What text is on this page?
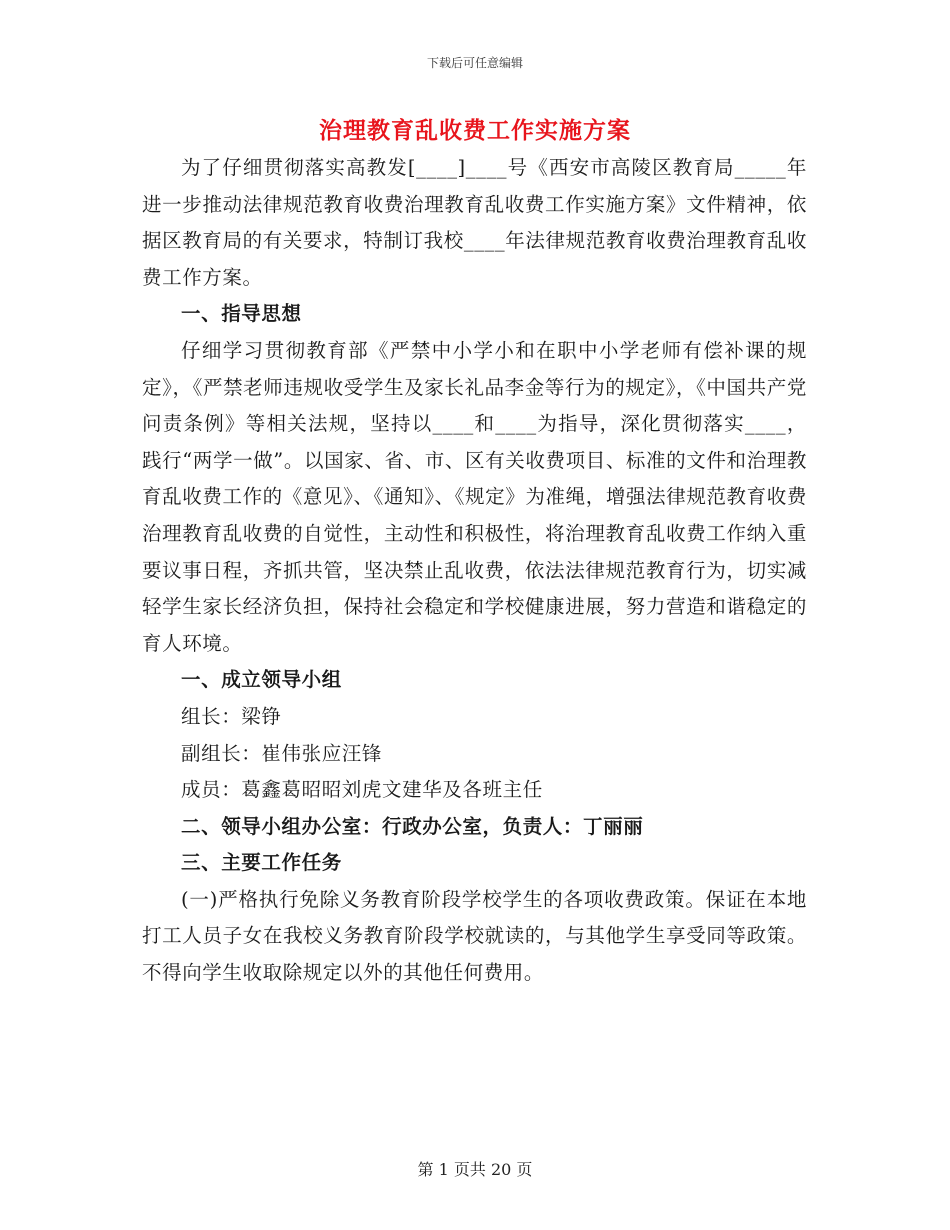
下载后可任意编辑
治理教育乱收费工作实施方案

为了仔细贯彻落实高教发[____]____号《西安市高陵区教育局_____年进一步推动法律规范教育收费治理教育乱收费工作实施方案》文件精神，依据区教育局的有关要求，特制订我校____年法律规范教育收费治理教育乱收费工作方案。

一、指导思想

仔细学习贯彻教育部《严禁中小学小和在职中小学老师有偿补课的规定》，《严禁老师违规收受学生及家长礼品李金等行为的规定》，《中国共产党问责条例》等相关法规，坚持以____和____为指导，深化贯彻落实____，践行“两学一做”。以国家、省、市、区有关收费项目、标准的文件和治理教育乱收费工作的《意见》、《通知》、《规定》为准绳，增强法律规范教育收费治理教育乱收费的自觉性，主动性和积极性，将治理教育乱收费工作纳入重要议事日程，齐抓共管，坚决禁止乱收费，依法法律规范教育行为，切实减轻学生家长经济负担，保持社会稳定和学校健康进展，努力营造和谐稳定的育人环境。

一、成立领导小组

组长：梁铮

副组长：崔伟张应汪锋

成员：葛鑫葛昭昭刘虎文建华及各班主任

二、领导小组办公室：行政办公室，负责人：丁丽丽

三、主要工作任务

(一)严格执行免除义务教育阶段学校学生的各项收费政策。保证在本地打工人员子女在我校义务教育阶段学校就读的，与其他学生享受同等政策。不得向学生收取除规定以外的其他任何费用。

第 1 页共 20 页
